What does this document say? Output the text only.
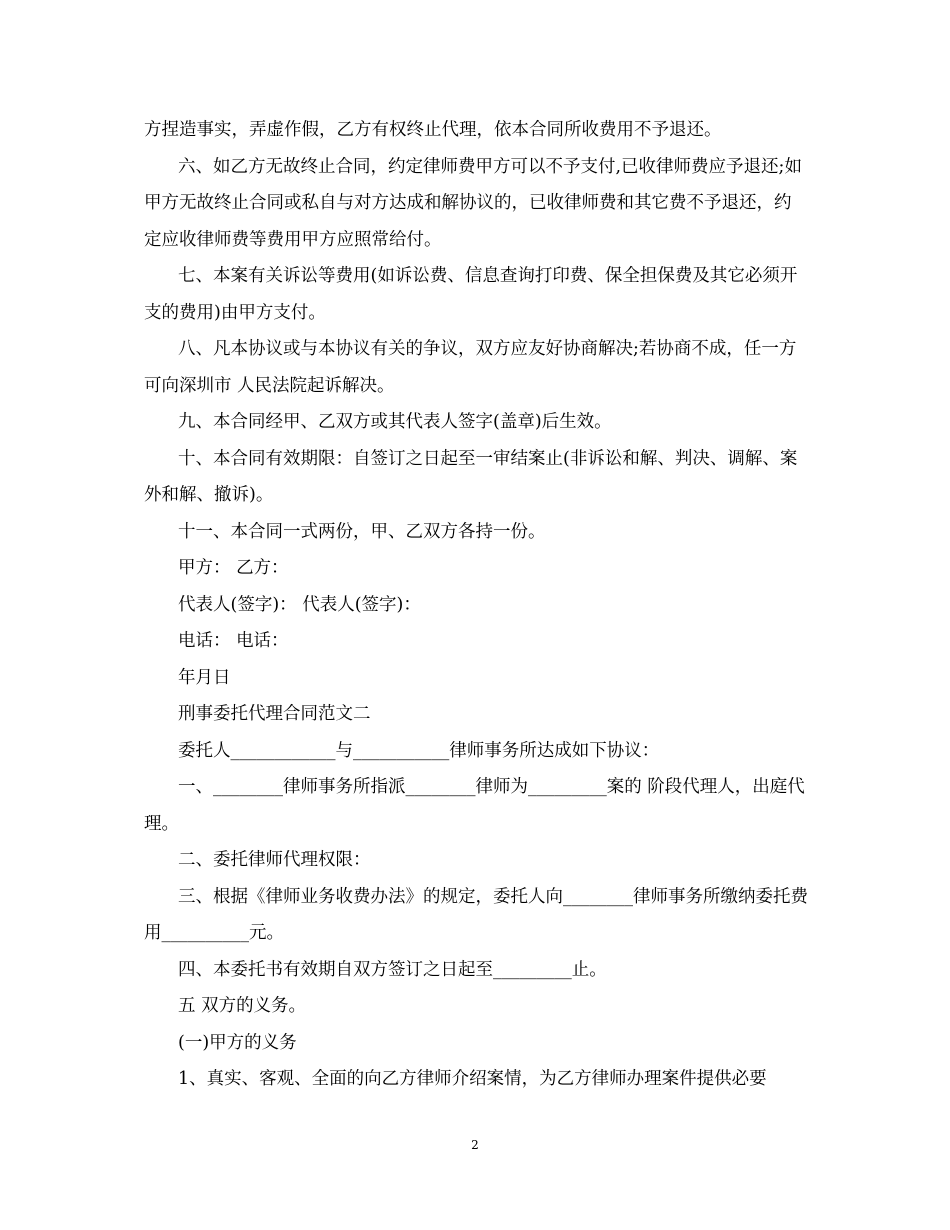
方捏造事实，弄虚作假，乙方有权终止代理，依本合同所收费用不予退还。

六、如乙方无故终止合同，约定律师费甲方可以不予支付,已收律师费应予退还;如甲方无故终止合同或私自与对方达成和解协议的，已收律师费和其它费不予退还，约定应收律师费等费用甲方应照常给付。

七、本案有关诉讼等费用(如诉讼费、信息查询打印费、保全担保费及其它必须开支的费用)由甲方支付。

八、凡本协议或与本协议有关的争议，双方应友好协商解决;若协商不成，任一方可向深圳市 人民法院起诉解决。

九、本合同经甲、乙双方或其代表人签字(盖章)后生效。

十、本合同有效期限：自签订之日起至一审结案止(非诉讼和解、判决、调解、案外和解、撤诉)。

十一、本合同一式两份，甲、乙双方各持一份。

甲方： 乙方：

代表人(签字)： 代表人(签字)：

电话： 电话：

年月日

刑事委托代理合同范文二

委托人____________与___________律师事务所达成如下协议：

一、________律师事务所指派________律师为_________案的 阶段代理人，出庭代理。

二、委托律师代理权限：

三、根据《律师业务收费办法》的规定，委托人向________律师事务所缴纳委托费用__________元。

四、本委托书有效期自双方签订之日起至_________止。

五 双方的义务。

(一)甲方的义务

1、真实、客观、全面的向乙方律师介绍案情，为乙方律师办理案件提供必要

2
